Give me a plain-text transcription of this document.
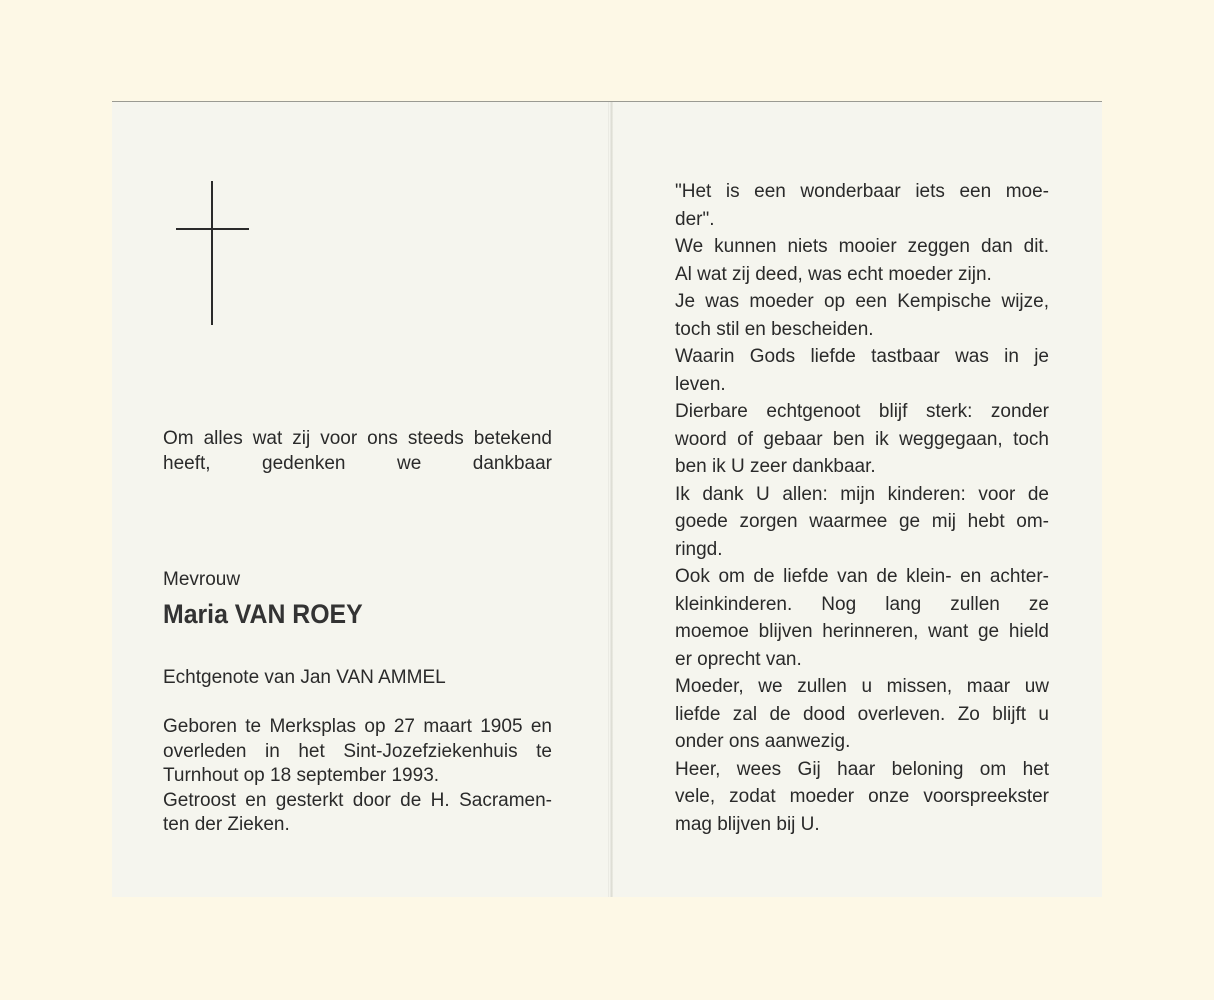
Om alles wat zij voor ons steeds betekend

heeft, gedenken we dankbaar

Mevrouw
Maria VAN ROEY
Echtgenote van Jan VAN AMMEL

Geboren te Merksplas op 27 maart 1905 en

overleden in het Sint-Jozefziekenhuis te

Turnhout op 18 september 1993.

Getroost en gesterkt door de H. Sacramen-

ten der Zieken.

"Het is een wonderbaar iets een moe-

der".

We kunnen niets mooier zeggen dan dit.

Al wat zij deed, was echt moeder zijn.

Je was moeder op een Kempische wijze,

toch stil en bescheiden.

Waarin Gods liefde tastbaar was in je

leven.

Dierbare echtgenoot blijf sterk: zonder

woord of gebaar ben ik weggegaan, toch

ben ik U zeer dankbaar.

Ik dank U allen: mijn kinderen: voor de

goede zorgen waarmee ge mij hebt om-

ringd.

Ook om de liefde van de klein- en achter-

kleinkinderen. Nog lang zullen ze

moemoe blijven herinneren, want ge hield

er oprecht van.

Moeder, we zullen u missen, maar uw

liefde zal de dood overleven. Zo blijft u

onder ons aanwezig.

Heer, wees Gij haar beloning om het

vele, zodat moeder onze voorspreekster

mag blijven bij U.
